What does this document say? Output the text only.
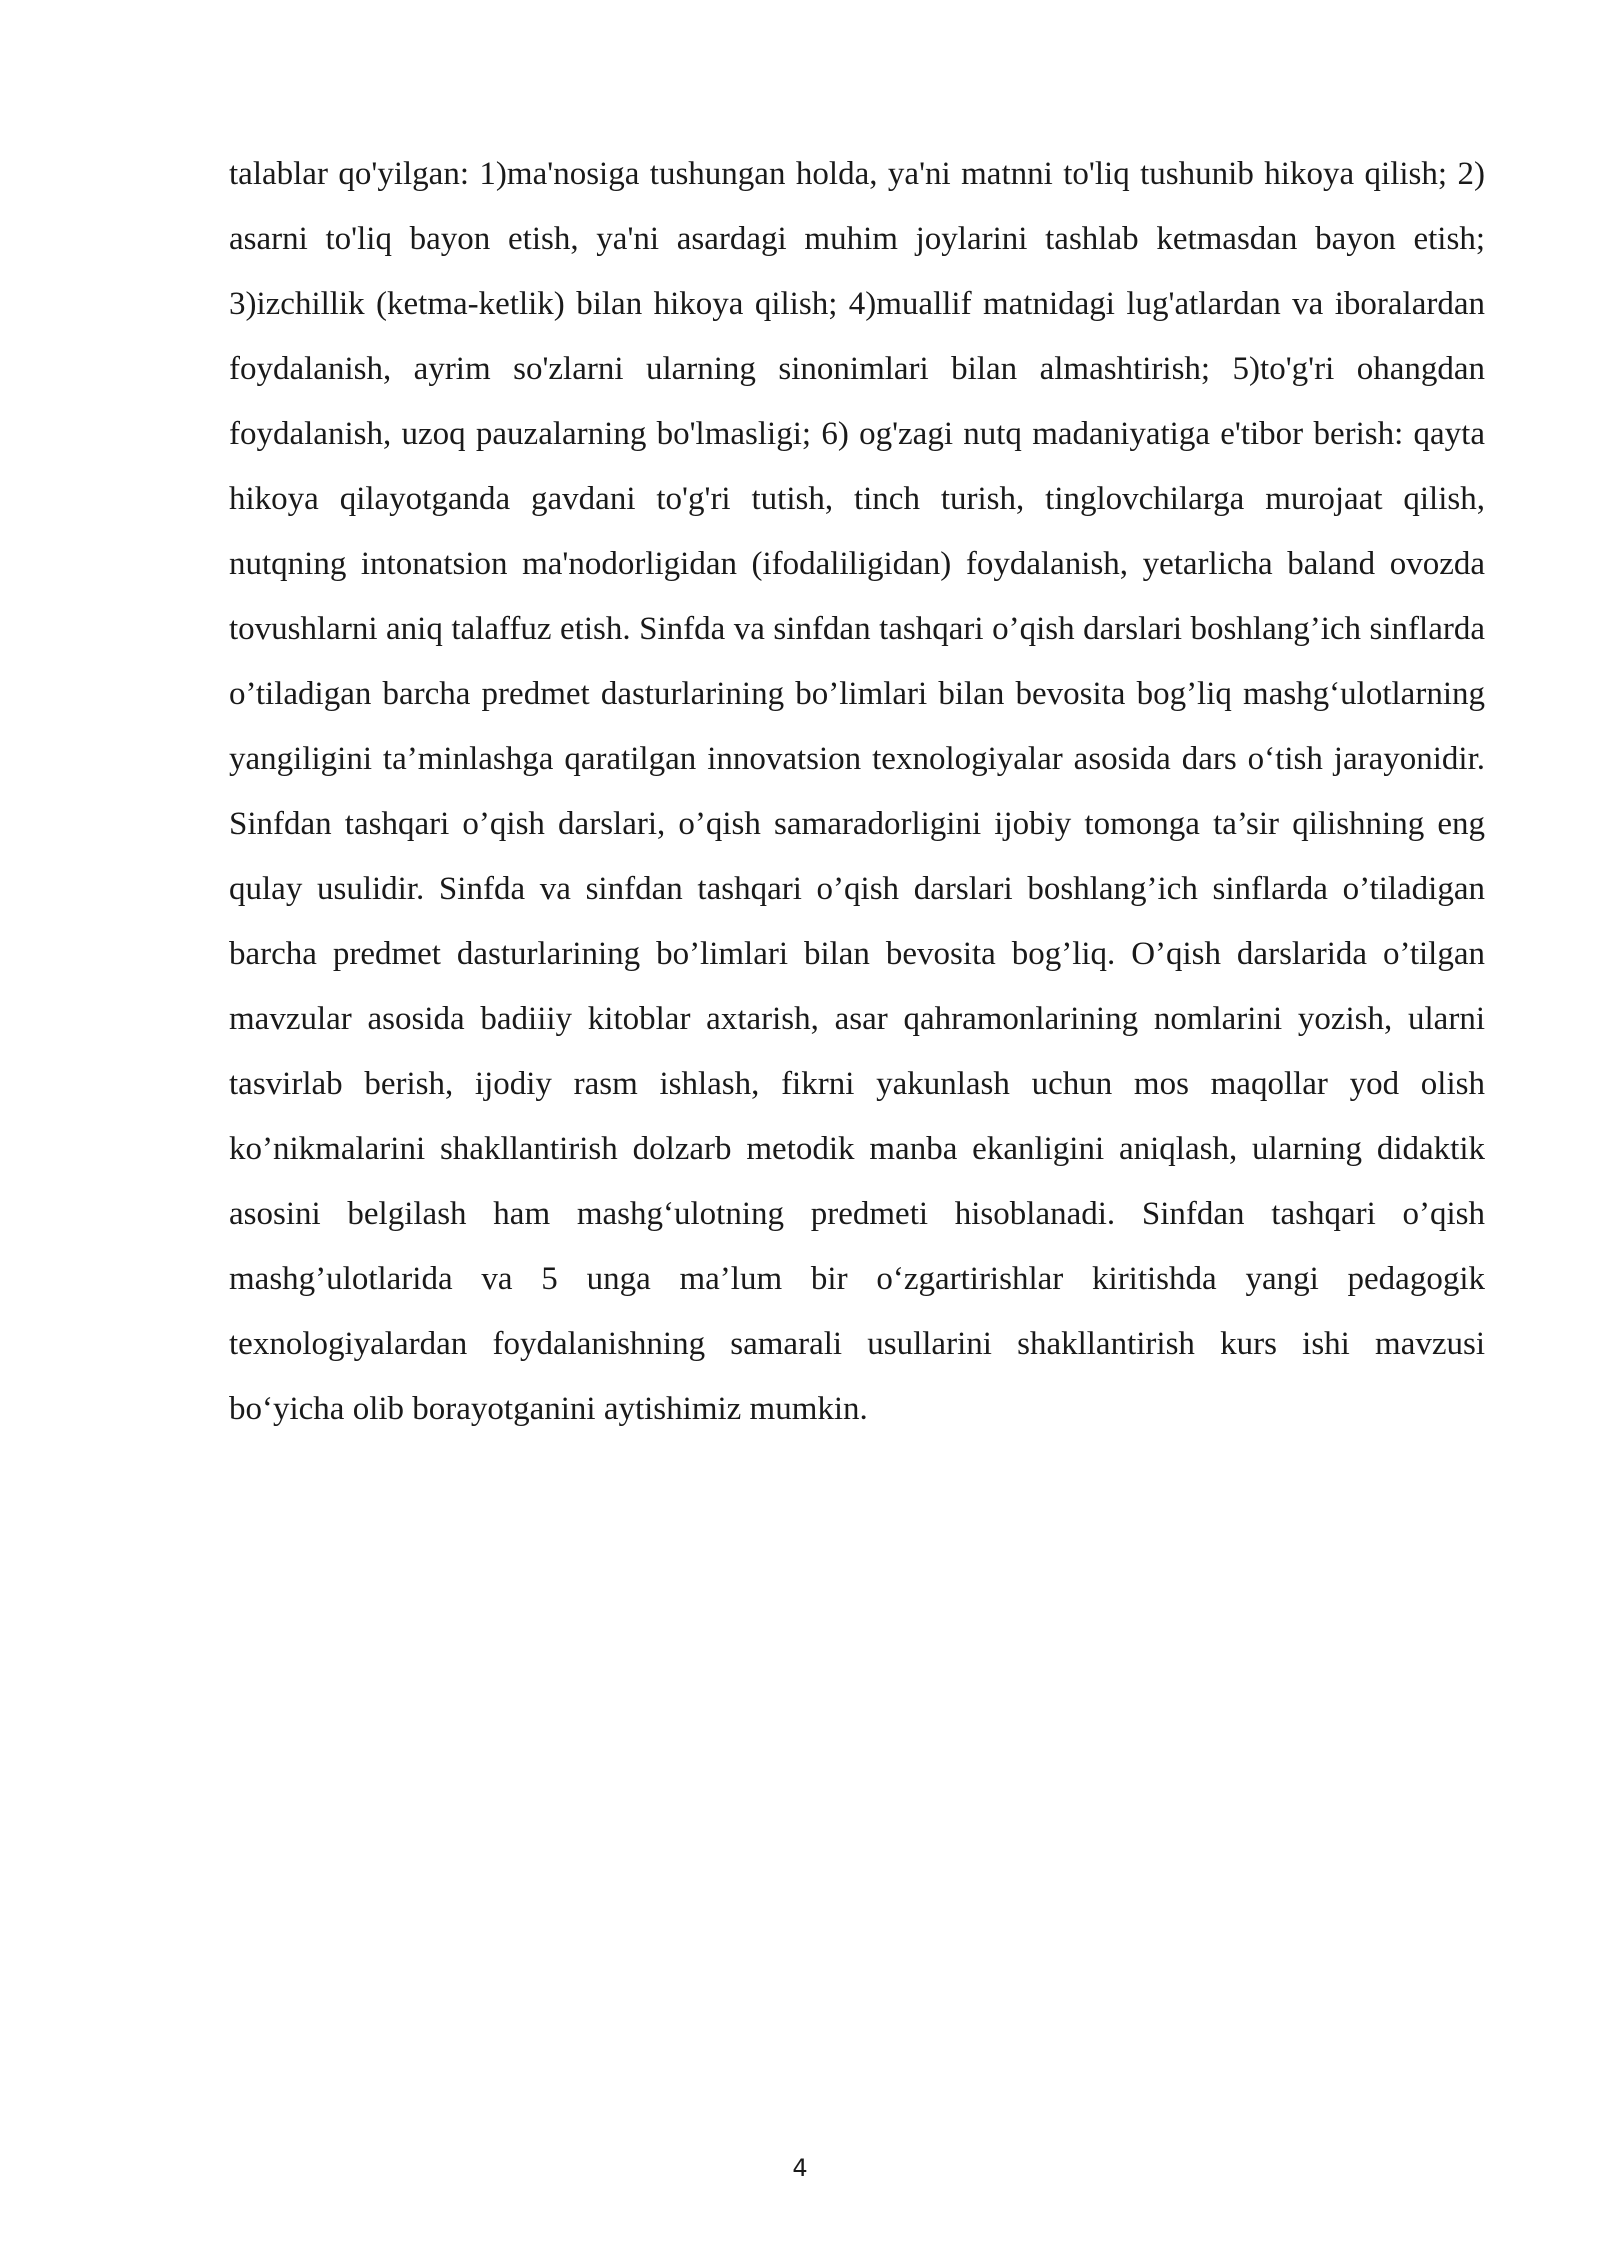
talablar qo'yilgan: 1)ma'nosiga tushungan holda, ya'ni matnni to'liq tushunib hikoya qilish; 2) asarni to'liq bayon etish, ya'ni asardagi muhim joylarini tashlab ketmasdan bayon etish; 3)izchillik (ketma-ketlik) bilan hikoya qilish; 4)muallif matnidagi lug'atlardan va iboralardan foydalanish, ayrim so'zlarni ularning sinonimlari bilan almashtirish; 5)to'g'ri ohangdan foydalanish, uzoq pauzalarning bo'lmasligi; 6) og'zagi nutq madaniyatiga e'tibor berish: qayta hikoya qilayotganda gavdani to'g'ri tutish, tinch turish, tinglovchilarga murojaat qilish, nutqning intonatsion ma'nodorligidan (ifodaliligidan) foydalanish, yetarlicha baland ovozda tovushlarni aniq talaffuz etish. Sinfda va sinfdan tashqari o’qish darslari boshlang’ich sinflarda o’tiladigan barcha predmet dasturlarining bo’limlari bilan bevosita bog’liq mashg‘ulotlarning yangiligini ta’minlashga qaratilgan innovatsion texnologiyalar asosida dars o‘tish jarayonidir. Sinfdan tashqari o’qish darslari, o’qish samaradorligini ijobiy tomonga ta’sir qilishning eng qulay usulidir. Sinfda va sinfdan tashqari o’qish darslari boshlang’ich sinflarda o’tiladigan barcha predmet dasturlarining bo’limlari bilan bevosita bog’liq. O’qish darslarida o’tilgan mavzular asosida badiiiy kitoblar axtarish, asar qahramonlarining nomlarini yozish, ularni tasvirlab berish, ijodiy rasm ishlash, fikrni yakunlash uchun mos maqollar yod olish ko’nikmalarini shakllantirish dolzarb metodik manba ekanligini aniqlash, ularning didaktik asosini belgilash ham mashg‘ulotning predmeti hisoblanadi. Sinfdan tashqari o’qish mashg’ulotlarida va 5 unga ma’lum bir o‘zgartirishlar kiritishda yangi pedagogik texnologiyalardan foydalanishning samarali usullarini shakllantirish kurs ishi mavzusi bo‘yicha olib borayotganini aytishimiz mumkin.

4
